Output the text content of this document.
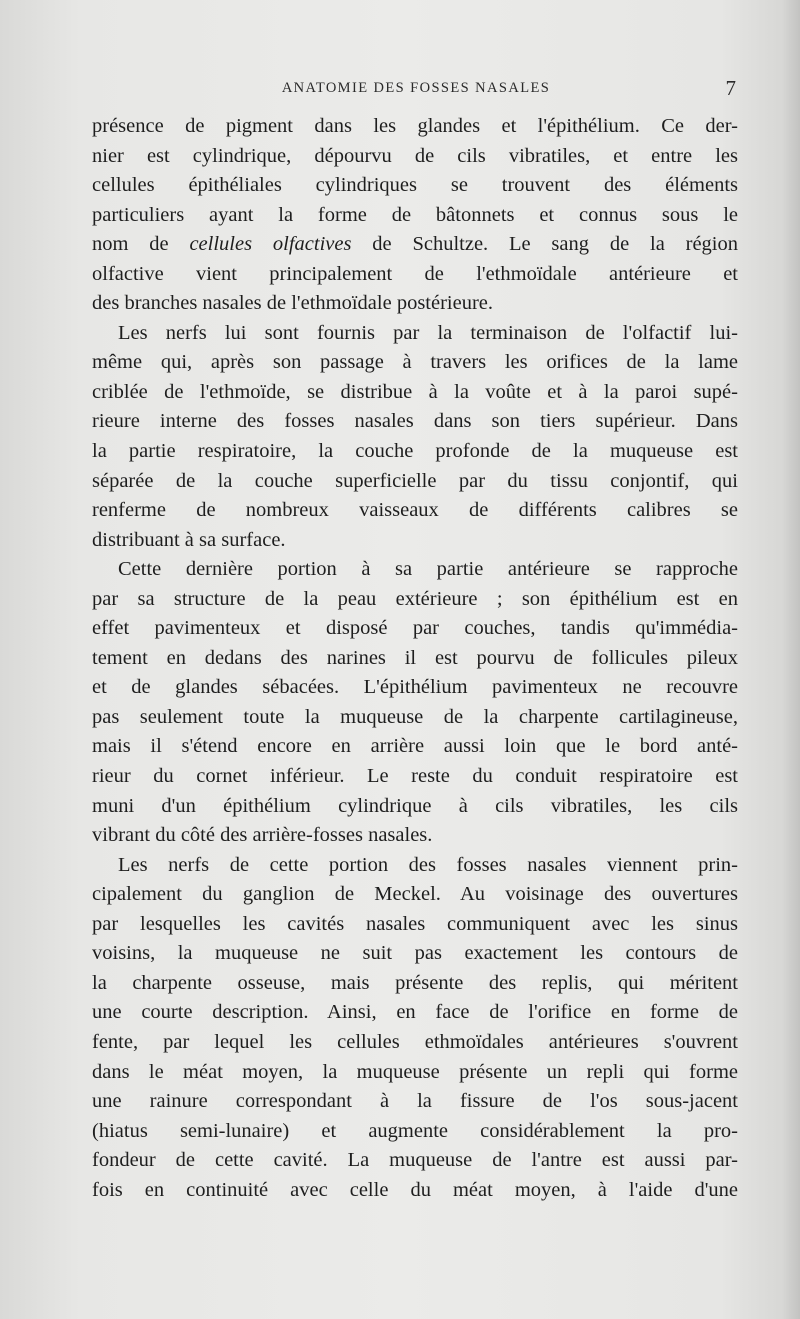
ANATOMIE DES FOSSES NASALES	7
présence de pigment dans les glandes et l'épithélium. Ce der-
nier est cylindrique, dépourvu de cils vibratiles, et entre les
cellules épithéliales cylindriques se trouvent des éléments
particuliers ayant la forme de bâtonnets et connus sous le
nom de cellules olfactives de Schultze. Le sang de la région
olfactive vient principalement de l'ethmoïdale antérieure et
des branches nasales de l'ethmoïdale postérieure.
Les nerfs lui sont fournis par la terminaison de l'olfactif lui-
même qui, après son passage à travers les orifices de la lame
criblée de l'ethmoïde, se distribue à la voûte et à la paroi supé-
rieure interne des fosses nasales dans son tiers supérieur. Dans
la partie respiratoire, la couche profonde de la muqueuse est
séparée de la couche superficielle par du tissu conjontif, qui
renferme de nombreux vaisseaux de différents calibres se
distribuant à sa surface.
Cette dernière portion à sa partie antérieure se rapproche
par sa structure de la peau extérieure ; son épithélium est en
effet pavimenteux et disposé par couches, tandis qu'immédia-
tement en dedans des narines il est pourvu de follicules pileux
et de glandes sébacées. L'épithélium pavimenteux ne recouvre
pas seulement toute la muqueuse de la charpente cartilagineuse,
mais il s'étend encore en arrière aussi loin que le bord anté-
rieur du cornet inférieur. Le reste du conduit respiratoire est
muni d'un épithélium cylindrique à cils vibratiles, les cils
vibrant du côté des arrière-fosses nasales.
Les nerfs de cette portion des fosses nasales viennent prin-
cipalement du ganglion de Meckel. Au voisinage des ouvertures
par lesquelles les cavités nasales communiquent avec les sinus
voisins, la muqueuse ne suit pas exactement les contours de
la charpente osseuse, mais présente des replis, qui méritent
une courte description. Ainsi, en face de l'orifice en forme de
fente, par lequel les cellules ethmoïdales antérieures s'ouvrent
dans le méat moyen, la muqueuse présente un repli qui forme
une rainure correspondant à la fissure de l'os sous-jacent
(hiatus semi-lunaire) et augmente considérablement la pro-
fondeur de cette cavité. La muqueuse de l'antre est aussi par-
fois en continuité avec celle du méat moyen, à l'aide d'une
